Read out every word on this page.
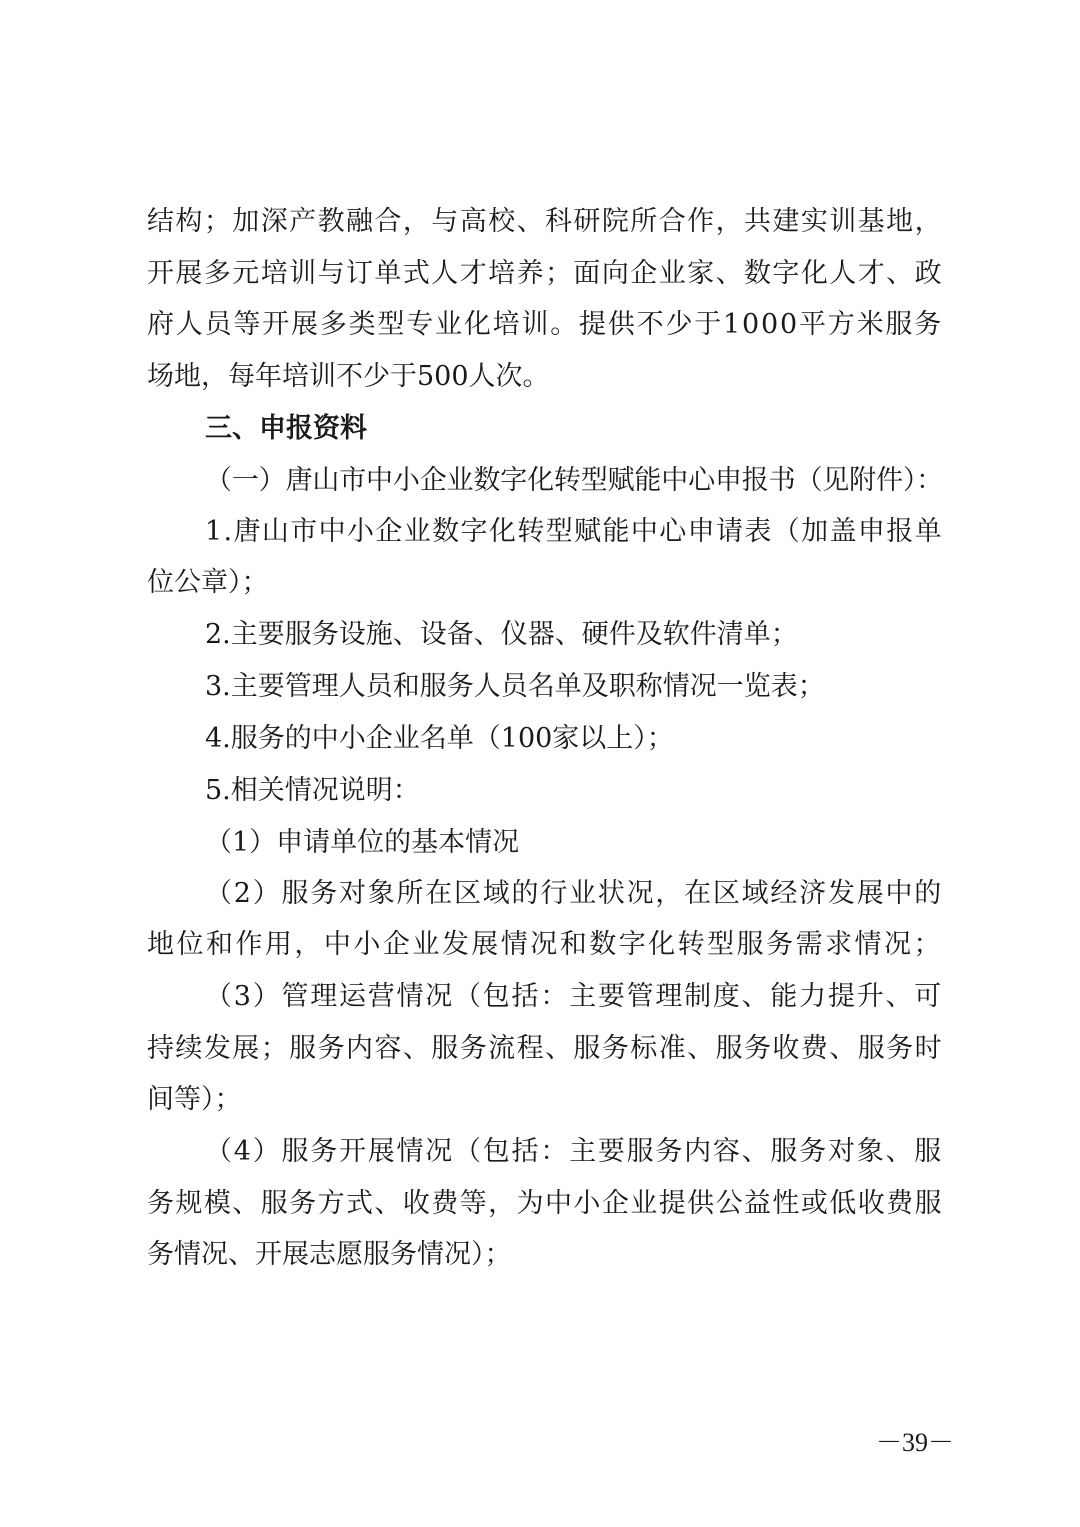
结构；加深产教融合，与高校、科研院所合作，共建实训基地，
开展多元培训与订单式人才培养；面向企业家、数字化人才、政
府人员等开展多类型专业化培训。提供不少于1000平方米服务
场地，每年培训不少于500人次。
三、申报资料
（一）唐山市中小企业数字化转型赋能中心申报书（见附件）：
1.唐山市中小企业数字化转型赋能中心申请表（加盖申报单
位公章）；
2.主要服务设施、设备、仪器、硬件及软件清单；
3.主要管理人员和服务人员名单及职称情况一览表；
4.服务的中小企业名单（100家以上）；
5.相关情况说明：
（1）申请单位的基本情况
（2）服务对象所在区域的行业状况，在区域经济发展中的
地位和作用，中小企业发展情况和数字化转型服务需求情况；
（3）管理运营情况（包括：主要管理制度、能力提升、可
持续发展；服务内容、服务流程、服务标准、服务收费、服务时
间等）；
（4）服务开展情况（包括：主要服务内容、服务对象、服
务规模、服务方式、收费等，为中小企业提供公益性或低收费服
务情况、开展志愿服务情况）；
－39－
